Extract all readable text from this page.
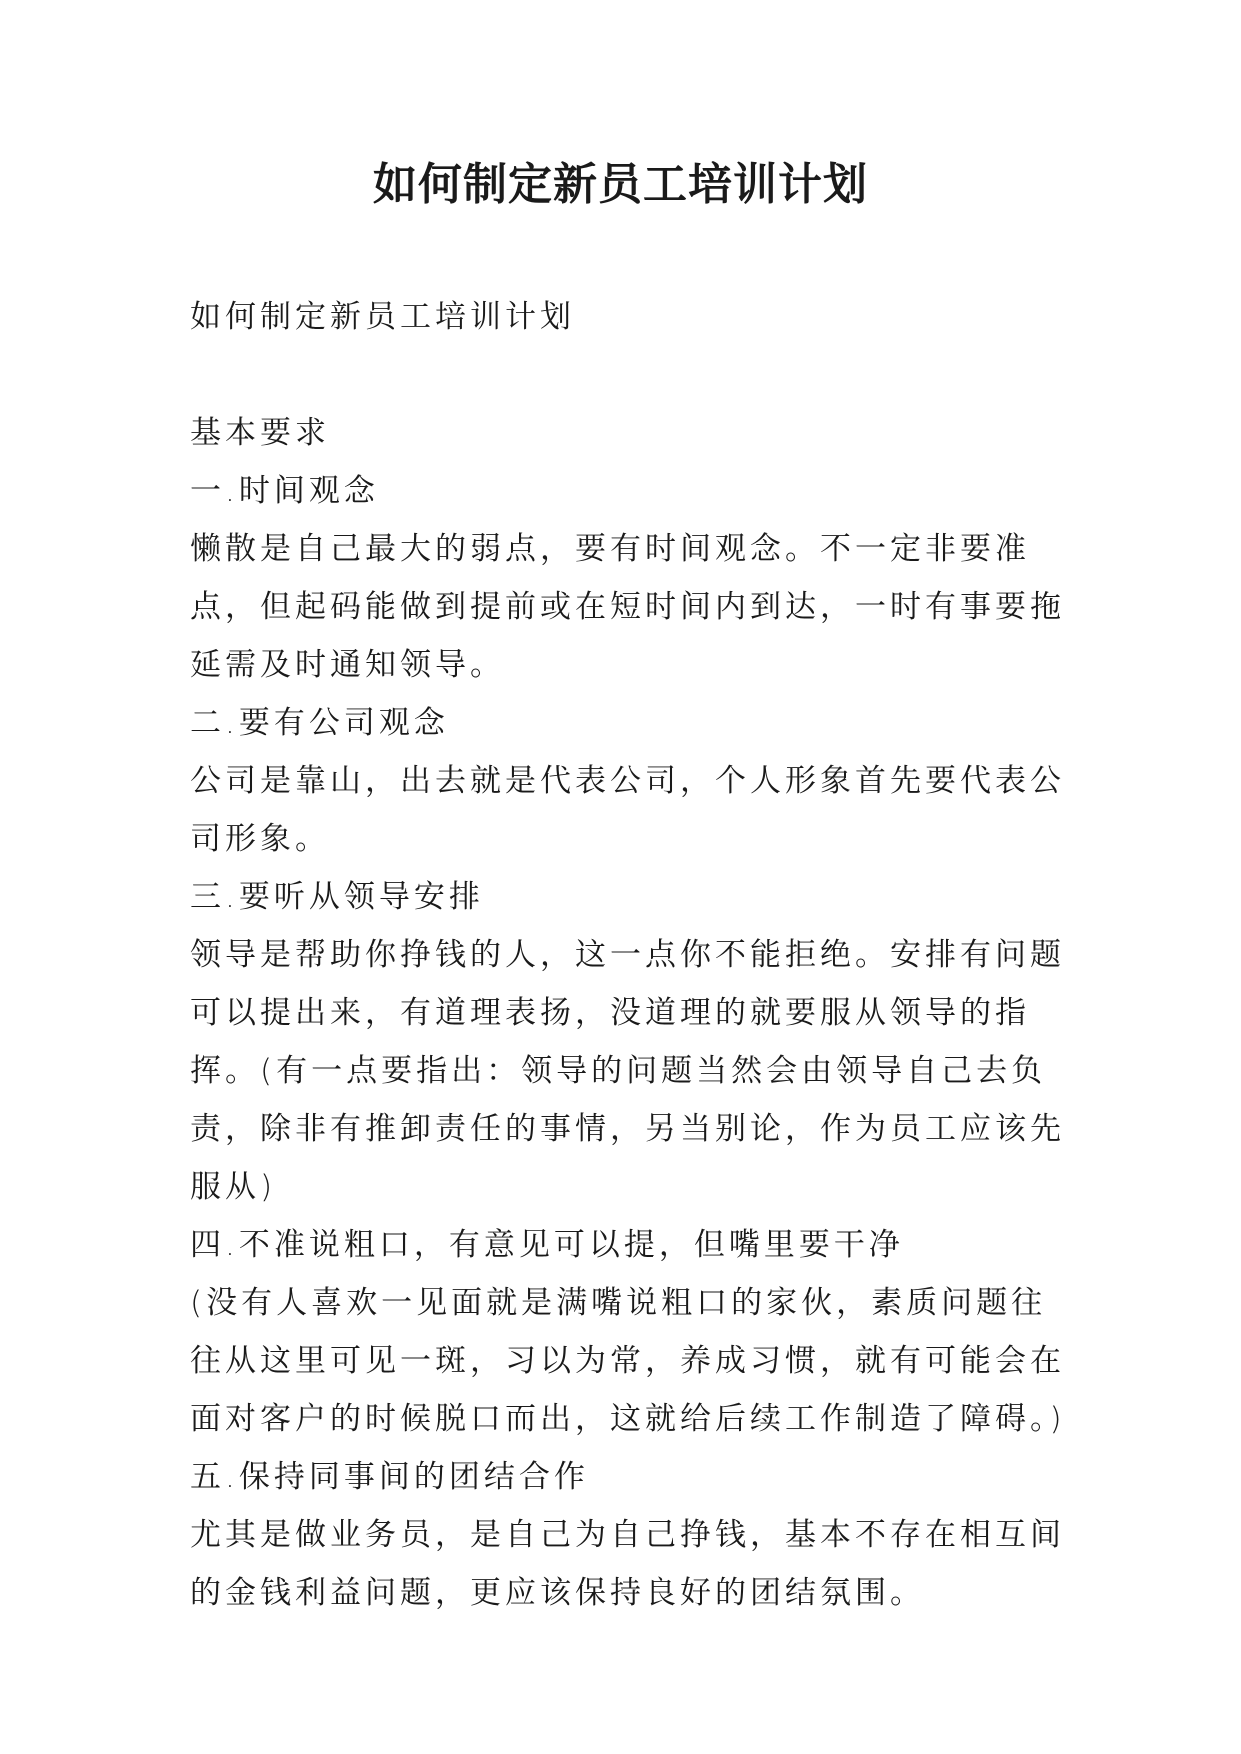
如何制定新员工培训计划

如何制定新员工培训计划

基本要求

一.时间观念

懒散是自己最大的弱点，要有时间观念。不一定非要准点，但起码能做到提前或在短时间内到达，一时有事要拖延需及时通知领导。

二.要有公司观念

公司是靠山，出去就是代表公司，个人形象首先要代表公司形象。

三.要听从领导安排

领导是帮助你挣钱的人，这一点你不能拒绝。安排有问题可以提出来，有道理表扬，没道理的就要服从领导的指挥。(有一点要指出：领导的问题当然会由领导自己去负责，除非有推卸责任的事情，另当别论，作为员工应该先服从)

四.不准说粗口，有意见可以提，但嘴里要干净

(没有人喜欢一见面就是满嘴说粗口的家伙，素质问题往往从这里可见一斑，习以为常，养成习惯，就有可能会在面对客户的时候脱口而出，这就给后续工作制造了障碍。)

五.保持同事间的团结合作

尤其是做业务员，是自己为自己挣钱，基本不存在相互间的金钱利益问题，更应该保持良好的团结氛围。
